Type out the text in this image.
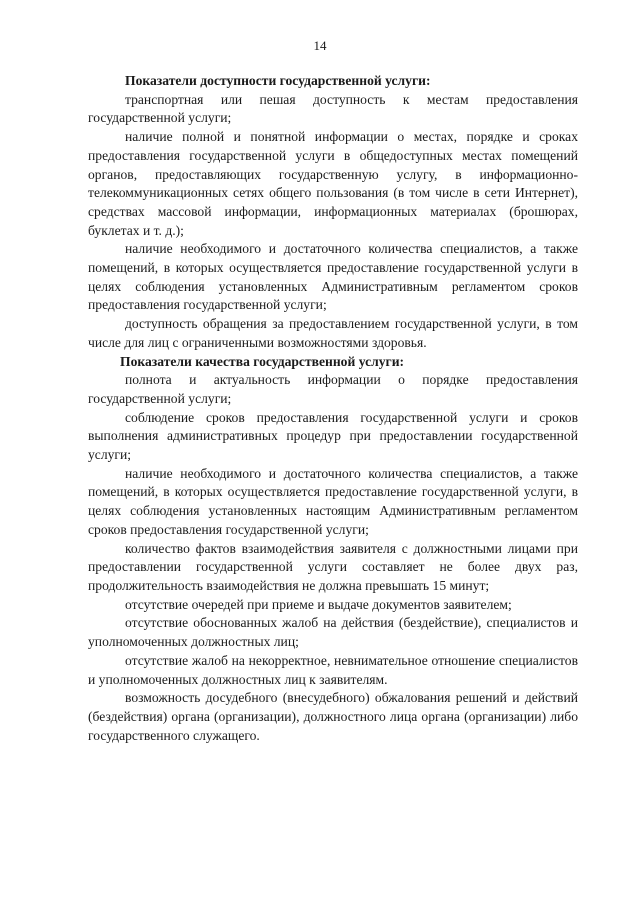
14

Показатели доступности государственной услуги:

транспортная или пешая доступность к местам предоставления государственной услуги;

наличие полной и понятной информации о местах, порядке и сроках предоставления государственной услуги в общедоступных местах помещений органов, предоставляющих государственную услугу, в информационно-телекоммуникационных сетях общего пользования (в том числе в сети Интернет), средствах массовой информации, информационных материалах (брошюрах, буклетах и т. д.);

наличие необходимого и достаточного количества специалистов, а также помещений, в которых осуществляется предоставление государственной услуги в целях соблюдения установленных Административным регламентом сроков предоставления государственной услуги;

доступность обращения за предоставлением государственной услуги, в том числе для лиц с ограниченными возможностями здоровья.

Показатели качества государственной услуги:

полнота и актуальность информации о порядке предоставления государственной услуги;

соблюдение сроков предоставления государственной услуги и сроков выполнения административных процедур при предоставлении государственной услуги;

наличие необходимого и достаточного количества специалистов, а также помещений, в которых осуществляется предоставление государственной услуги, в целях соблюдения установленных настоящим Административным регламентом сроков предоставления государственной услуги;

количество фактов взаимодействия заявителя с должностными лицами при предоставлении государственной услуги составляет не более двух раз, продолжительность взаимодействия не должна превышать 15 минут;

отсутствие очередей при приеме и выдаче документов заявителем;

отсутствие обоснованных жалоб на действия (бездействие), специалистов и уполномоченных должностных лиц;

отсутствие жалоб на некорректное, невнимательное отношение специалистов и уполномоченных должностных лиц к заявителям.

возможность досудебного (внесудебного) обжалования решений и действий (бездействия) органа (организации), должностного лица органа (организации) либо государственного служащего.
